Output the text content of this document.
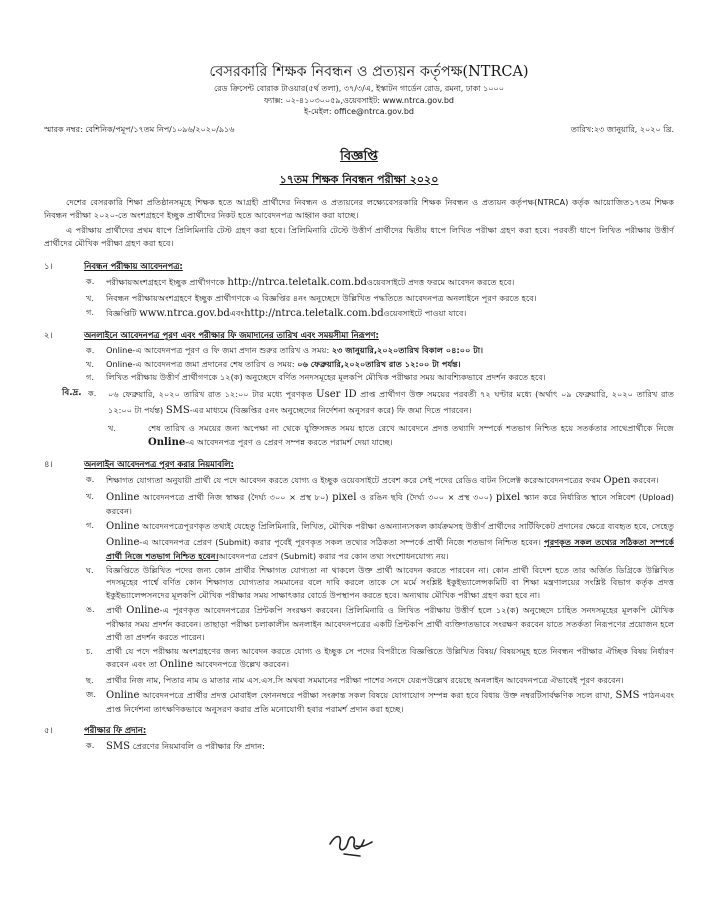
বেসরকারি শিক্ষক নিবন্ধন ও প্রত্যয়ন কর্তৃপক্ষ(NTRCA)
রেড ক্রিসেন্ট বোরাক টাওয়ার(৫র্থ তলা), ৩৭/৩/এ, ইস্কাটন গার্ডেন রোড, রমনা, ঢাকা ১০০০
ফ্যাক্স: ০২-৪১০৩০০৫৯,ওয়েবসাইট: www.ntrca.gov.bd
ই-মেইল: office@ntrca.gov.bd
স্মারক নম্বর: বেশিনিক/পমূপ/১৭তম নিপ/১০৯৬/২০২০/৯১৬	তারিখ:২৩ জানুয়ারি, ২০২০ খ্রি.
বিজ্ঞপ্তি
১৭তম শিক্ষক নিবন্ধন পরীক্ষা ২০২০
দেশের বেসরকারি শিক্ষা প্রতিষ্ঠানসমূহে শিক্ষক হতে আগ্রহী প্রার্থীদের নিবন্ধন ও প্রত্যয়নের লক্ষ্যেবেসরকারি শিক্ষক নিবন্ধন ও প্রত্যয়ন কর্তৃপক্ষ(NTRCA) কর্তৃক আয়োজিত১৭তম শিক্ষক নিবন্ধন পরীক্ষা ২০২০-তে অংশগ্রহণে ইচ্ছুক প্রার্থীদের নিকট হতে আবেদনপত্র আহ্বান করা যাচ্ছে।
এ পরীক্ষায় প্রার্থীদের প্রথম ধাপে প্রিলিমিনারি টেস্ট গ্রহণ করা হবে। প্রিলিমিনারি টেস্টে উত্তীর্ণ প্রার্থীদের দ্বিতীয় ধাপে লিখিত পরীক্ষা গ্রহণ করা হবে। পরবর্তী ধাপে লিখিত পরীক্ষায় উত্তীর্ণ প্রার্থীদের মৌখিক পরীক্ষা গ্রহণ করা হবে।
১।	নিবন্ধন পরীক্ষায় আবেদনপত্র:
ক. পরীক্ষায়অংশগ্রহণে ইচ্ছুক প্রার্থীগণকে http://ntrca.teletalk.com.bdওয়েবসাইটে প্রদত্ত ফরমে আবেদন করতে হবে।
খ. নিবন্ধন পরীক্ষায়অংশগ্রহণে ইচ্ছুক প্রার্থীগণকে এ বিজ্ঞপ্তির ৪নং অনুচ্ছেদে উল্লিখিত পদ্ধতিতে আবেদনপত্র অনলাইনে পূরণ করতে হবে।
গ. বিজ্ঞপ্তিটি www.ntrca.gov.bdএবংhttp://ntrca.teletalk.com.bdওয়েবসাইটে পাওয়া যাবে।
২।	অনলাইনে আবেদনপত্র পূরণ এবং পরীক্ষার ফি জমাদানের তারিখ এবং সময়সীমা নিরূপণ:
ক. Online-এ আবেদনপত্র পূরণ ও ফি জমা প্রদান শুরুর তারিখ ও সময়: ২৩ জানুয়ারি,২০২০তারিখ বিকাল ০৪:০০ টা।
খ. Online-এ আবেদনপত্র জমা প্রদানের শেষ তারিখ ও সময়: ০৬ ফেব্রুয়ারি,২০২০তারিখ রাত ১২:০০ টা পর্যন্ত।
গ. লিখিত পরীক্ষায় উত্তীর্ণ প্রার্থীগণকে ১২(ক) অনুচ্ছেদে বর্ণিত সনদসমূহের মূলকপি মৌখিক পরীক্ষার সময় আবশ্যিকভাবে প্রদর্শন করতে হবে।
বি.দ্র. ক. ০৬ ফেব্রুয়ারি, ২০২০ তারিখ রাত ১২:০০ টার মধ্যে পূরণকৃত User ID প্রাপ্ত প্রার্থীগণ উক্ত সময়ের পরবর্তী ৭২ ঘণ্টার মধ্যে (অর্থাৎ ০৯ ফেব্রুয়ারি, ২০২০ তারিখ রাত ১২:০০ টা পর্যন্ত) SMS-এর মাধ্যমে (বিজ্ঞপ্তির ৫নং অনুচ্ছেদের নির্দেশনা অনুসরণ করে) ফি জমা দিতে পারবেন।
খ.	শেষ তারিখ ও সময়ের জন্য অপেক্ষা না থেকে যুক্তিসঙ্গত সময় হাতে রেখে আবেদনে প্রদত্ত তথ্যাদি সম্পর্কে শতভাগ নিশ্চিত হয়ে সতর্কতার সাথেপ্রার্থীকে নিজে Online-এ আবেদনপত্র পূরণ ও প্রেরণ সম্পন্ন করতে পরামর্শ দেয়া যাচ্ছে।
৪।	অনলাইন আবেদনপত্র পূরণ করার নিয়মাবলি:
ক. শিক্ষাগত যোগ্যতা অনুযায়ী প্রার্থী যে পদে আবেদন করতে যোগ্য ও ইচ্ছুক ওয়েবসাইটে প্রবেশ করে সেই পদের রেডিও বাটন সিলেক্ট করেআবেদনপত্রের ফরম Open করবেন।
খ. Online আবেদনপত্রে প্রার্থী নিজ স্বাক্ষর (দৈর্ঘ্য ৩০০ × প্রস্থ ৮০) pixel ও রঙিন ছবি (দৈর্ঘ্য ৩০০ × প্রস্থ ৩০০) pixel স্ক্যান করে নির্ধারিত স্থানে সন্নিবেশ (Upload) করবেন।
গ. Online আবেদনপত্রেপূরণকৃত তথ্যই যেহেতু প্রিলিমিনারি, লিখিত, মৌখিক পরীক্ষা ওঅন্যান্যসকল কার্যক্রমসহ উত্তীর্ণ প্রার্থীদের সার্টিফিকেট প্রদানের ক্ষেত্রে ব্যবহৃত হবে, সেহেতু Online-এ আবেদনপত্র প্রেরণ (Submit) করার পূর্বেই পূরণকৃত সকল তথ্যের সঠিকতা সম্পর্কে প্রার্থী নিজে শতভাগ নিশ্চিত হবেন। পূরণকৃত সকল তথ্যের সঠিকতা সম্পর্কে প্রার্থী নিজে শতভাগ নিশ্চিত হবেন।আবেদনপত্র প্রেরণ (Submit) করার পর কোন তথ্য সংশোধনযোগ্য নয়।
ঘ. বিজ্ঞপ্তিতে উল্লিখিত পদের জন্য কোন প্রার্থীর শিক্ষাগত যোগ্যতা না থাকলে উক্ত প্রার্থী আবেদন করতে পারবেন না। কোন প্রার্থী বিদেশ হতে তার অর্জিত ডিগ্রিকে উল্লিখিত পদসমূহের পার্শ্বে বর্ণিত কোন শিক্ষাগত যোগ্যতার সমমানের বলে দাবি করলে তাকে সে মর্মে সংশ্লিষ্ট ইকুইভ্যালেন্সকমিটি বা শিক্ষা মন্ত্রণালয়ের সংশ্লিষ্ট বিভাগ কর্তৃক প্রদত্ত ইকুইভ্যালেন্সসনদের মূলকপি মৌখিক পরীক্ষার সময় সাক্ষাৎকার বোর্ডে উপস্থাপন করতে হবে। অন্যথায় মৌখিক পরীক্ষা গ্রহণ করা হবে না।
ঙ. প্রার্থী Online-এ পূরণকৃত আবেদনপত্রের প্রিন্টকপি সংরক্ষণ করবেন। প্রিলিমিনারি ও লিখিত পরীক্ষায় উত্তীর্ণ হলে ১২(ক) অনুচ্ছেদে চাহিত সনদসমূহের মূলকপি মৌখিক পরীক্ষার সময় প্রদর্শন করবেন। তাছাড়া পরীক্ষা চলাকালীন অনলাইন আবেদনপত্রের একটি প্রিন্টকপি প্রার্থী ব্যক্তিগতভাবে সংরক্ষণ করবেন যাতে সতর্কতা নিরূপণের প্রয়োজন হলে প্রার্থী তা প্রদর্শন করতে পারেন।
চ. প্রার্থী যে পদে পরীক্ষায় অংশগ্রহণের জন্য আবেদন করতে যোগ্য ও ইচ্ছুক সে পদের বিপরীতে বিজ্ঞপ্তিতে উল্লিখিত বিষয়/ বিষয়সমূহ হতে নিবন্ধন পরীক্ষার ঐচ্ছিক বিষয় নির্ধারণ করবেন এবং তা Online আবেদনপত্রে উল্লেখ করবেন।
ছ. প্রার্থীর নিজ নাম, পিতার নাম ও মাতার নাম এস.এস.সি অথবা সমমানের পরীক্ষা পাশের সনদে যেরূপউল্লেখ রয়েছে অনলাইন আবেদনপত্রে ঐভাবেই পূরণ করবেন।
জ. Online আবেদনপত্রে প্রার্থীর প্রদত্ত মোবাইল ফোননম্বরে পরীক্ষা সংক্রান্ত সকল বিষয়ে যোগাযোগ সম্পন্ন করা হবে বিধায় উক্ত নম্বরটিসার্বক্ষণিক সচল রাখা, SMS পাঠনএবং প্রাপ্ত নির্দেশনা তাৎক্ষণিকভাবে অনুসরণ করার প্রতি মনোযোগী হবার পরামর্শ প্রদান করা হচ্ছে।
৫।	পরীক্ষার ফি প্রদান:
ক. SMS প্রেরণের নিয়মাবলি ও পরীক্ষার ফি প্রদান:
